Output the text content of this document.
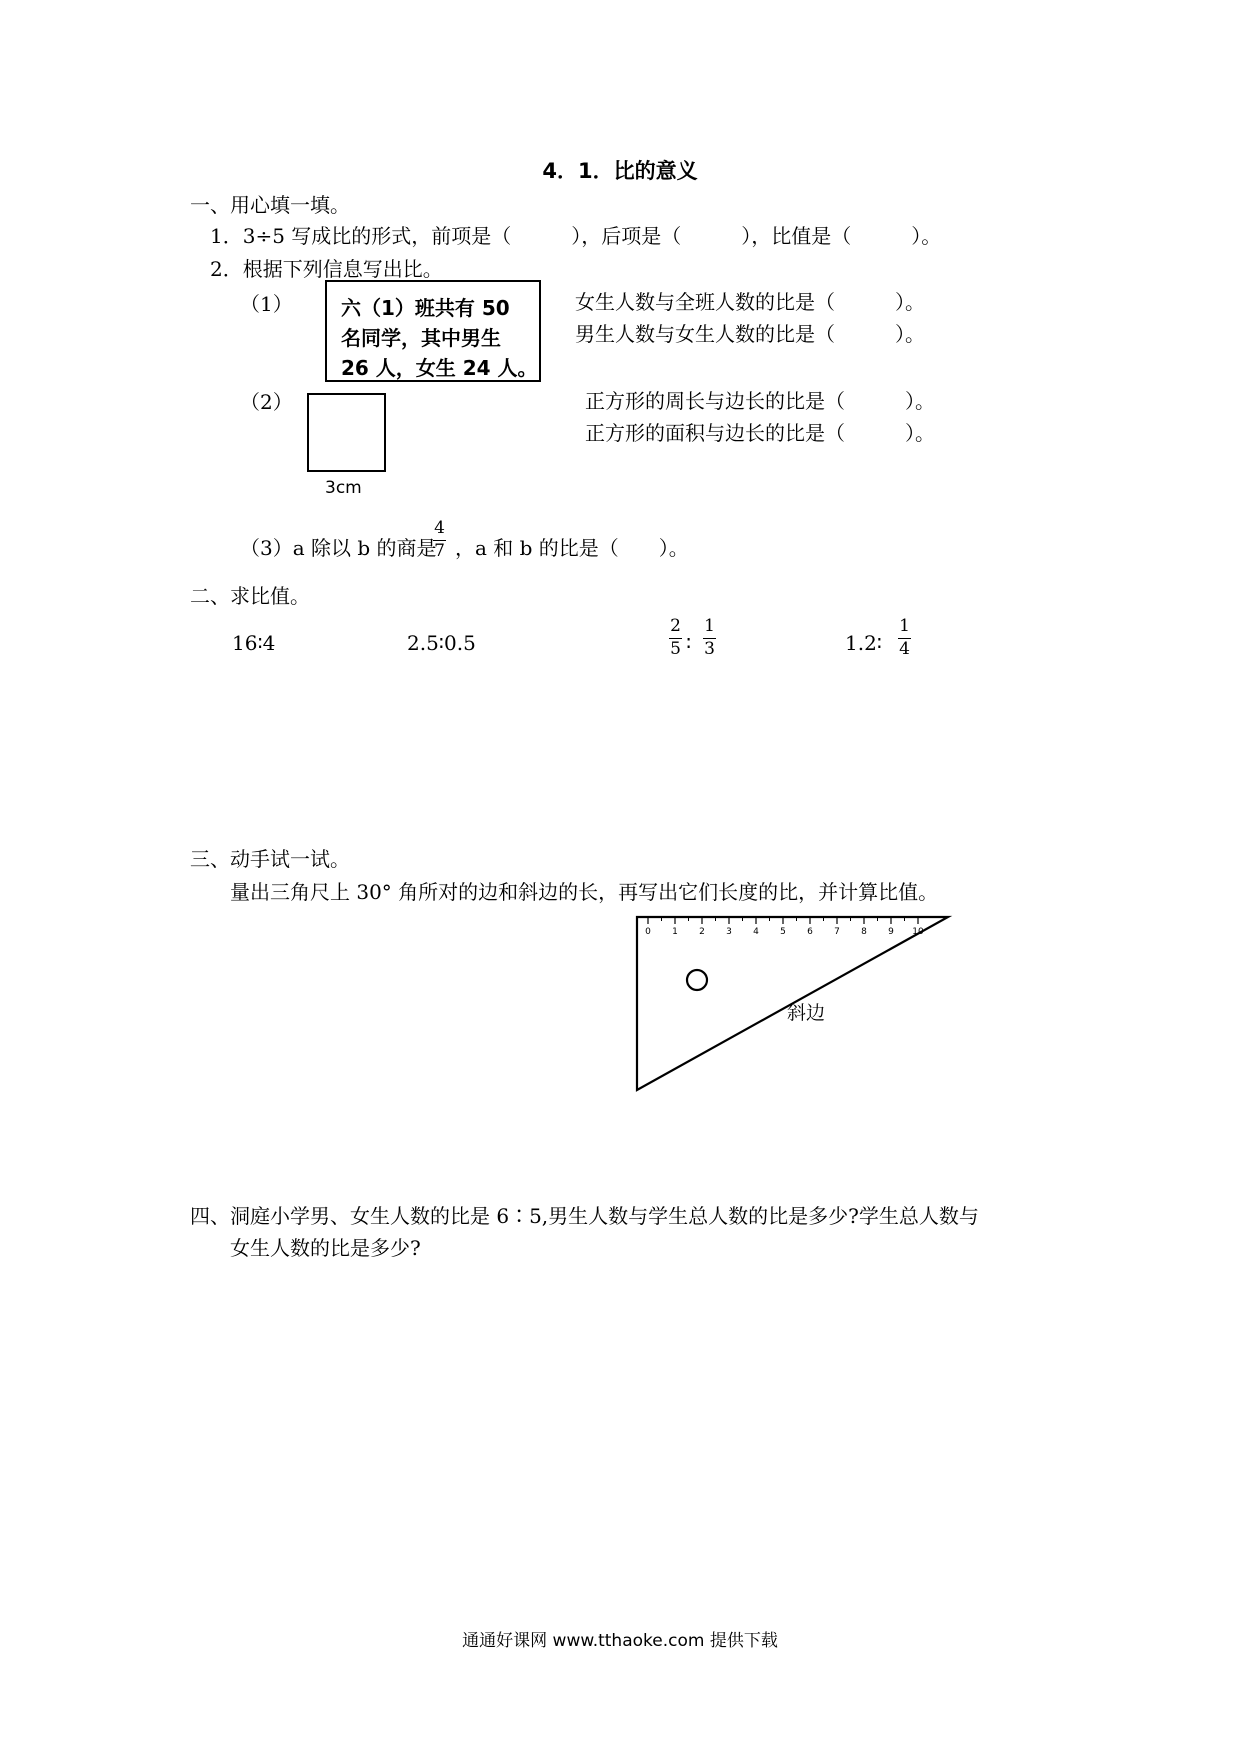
4．1．比的意义
一、用心填一填。
1．3÷5 写成比的形式，前项是（　　　），后项是（　　　），比值是（　　　）。
2．根据下列信息写出比。
（1） 六（1）班共有 50
名同学，其中男生
26 人，女生 24 人。
女生人数与全班人数的比是（　　　）。
男生人数与女生人数的比是（　　　）。
（2）
3cm
正方形的周长与边长的比是（　　　）。
正方形的面积与边长的比是（　　　）。
（3）a 除以 b 的商是
4
7 ，a 和 b 的比是（　　）。
二、求比值。
16∶4	2.5∶0.5
2
5 ∶
1
3	1.2∶
1
4
三、动手试一试。
量出三角尺上 30° 角所对的边和斜边的长，再写出它们长度的比，并计算比值。
0 1 2 3 4 5 6 7 8 9 10
斜边
四、洞庭小学男、女生人数的比是 6∶5,男生人数与学生总人数的比是多少?学生总人数与
女生人数的比是多少?
通通好课网 www.tthaoke.com 提供下载
